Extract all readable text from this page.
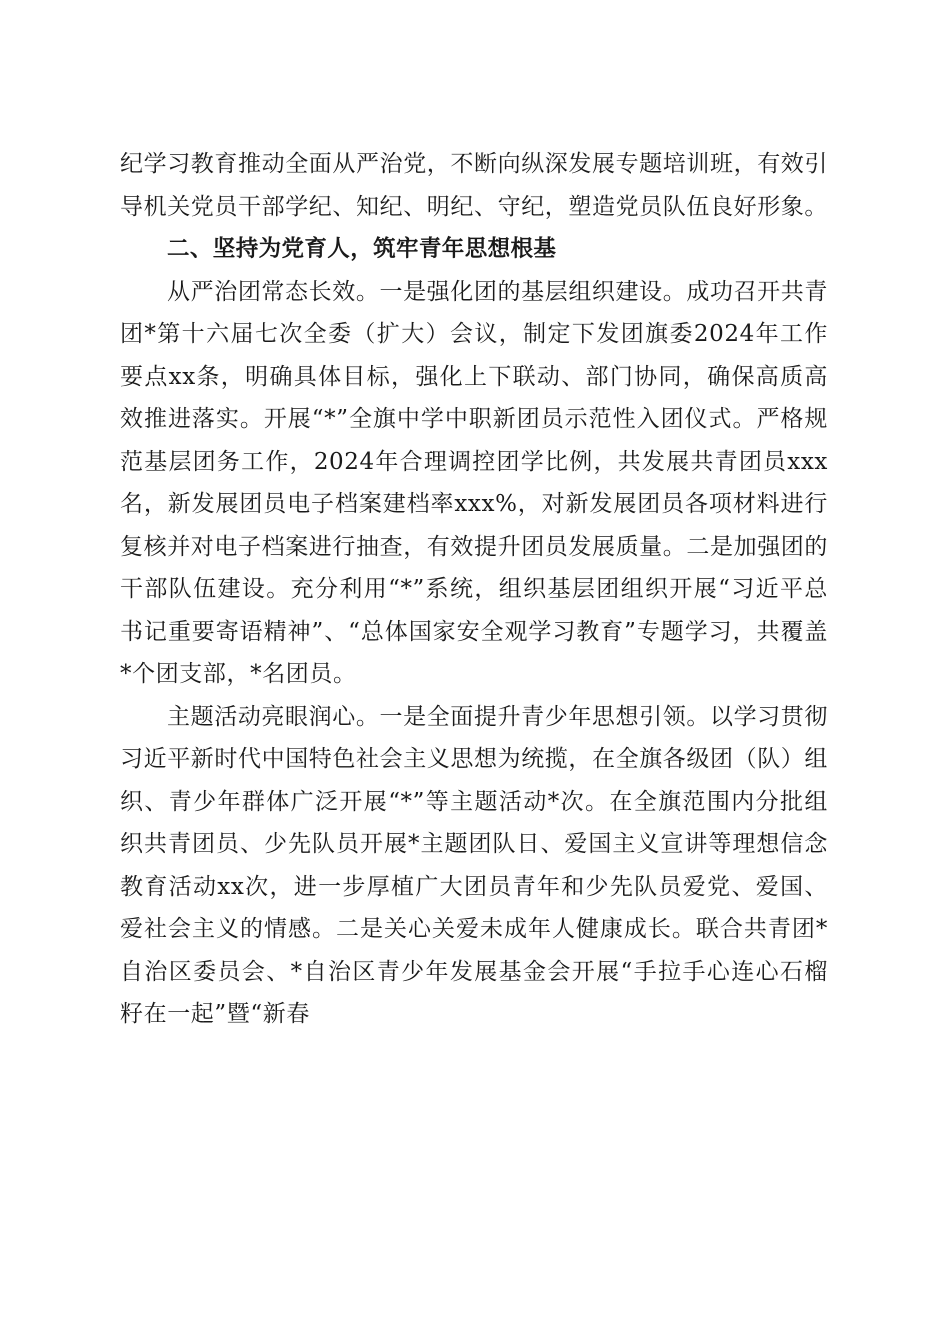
纪学习教育推动全面从严治党，不断向纵深发展专题培训班，有效引导机关党员干部学纪、知纪、明纪、守纪，塑造党员队伍良好形象。

二、坚持为党育人，筑牢青年思想根基

从严治团常态长效。一是强化团的基层组织建设。成功召开共青团*第十六届七次全委（扩大）会议，制定下发团旗委2024年工作要点xx条，明确具体目标，强化上下联动、部门协同，确保高质高效推进落实。开展“*”全旗中学中职新团员示范性入团仪式。严格规范基层团务工作，2024年合理调控团学比例，共发展共青团员xxx名，新发展团员电子档案建档率xxx%，对新发展团员各项材料进行复核并对电子档案进行抽查，有效提升团员发展质量。二是加强团的干部队伍建设。充分利用“*”系统，组织基层团组织开展“习近平总书记重要寄语精神”、“总体国家安全观学习教育”专题学习，共覆盖*个团支部，*名团员。

主题活动亮眼润心。一是全面提升青少年思想引领。以学习贯彻习近平新时代中国特色社会主义思想为统揽，在全旗各级团（队）组织、青少年群体广泛开展“*”等主题活动*次。在全旗范围内分批组织共青团员、少先队员开展*主题团队日、爱国主义宣讲等理想信念教育活动xx次，进一步厚植广大团员青年和少先队员爱党、爱国、爱社会主义的情感。二是关心关爱未成年人健康成长。联合共青团*自治区委员会、*自治区青少年发展基金会开展“手拉手心连心石榴籽在一起”暨“新春
